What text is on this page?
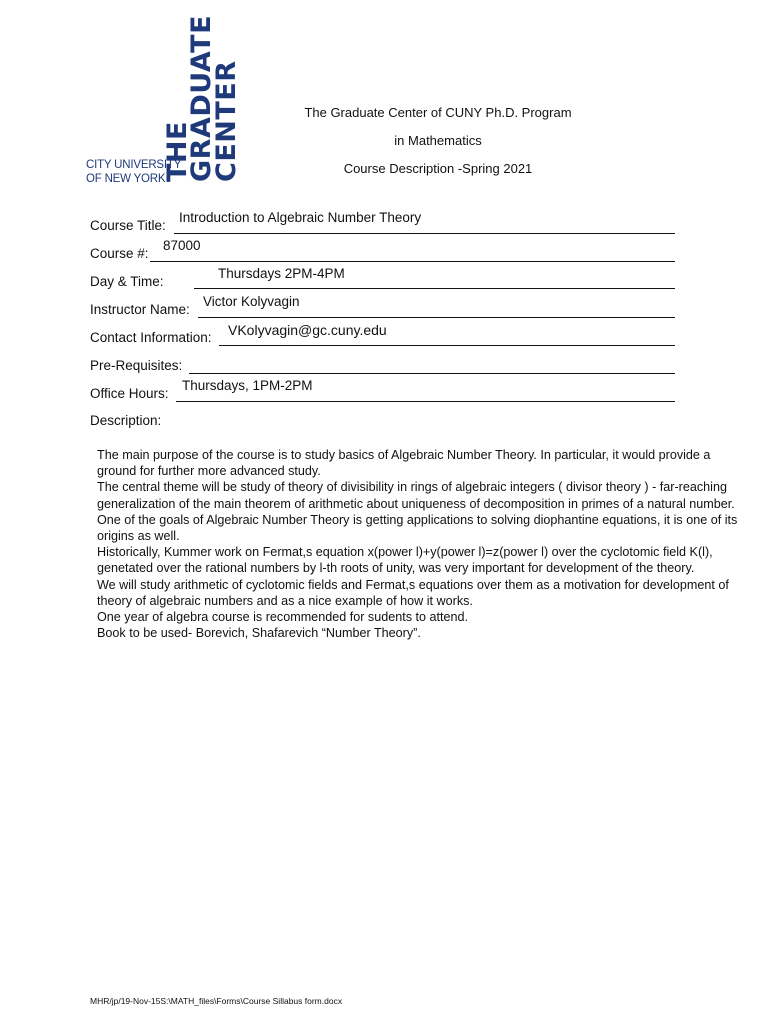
THE
GRADUATE
CENTER
CITY UNIVERSITY
OF NEW YORK
The Graduate Center of CUNY Ph.D. Program
in Mathematics
Course Description -Spring 2021
Course Title:
Introduction to Algebraic Number Theory
Course #:
87000
Day & Time:
Thursdays 2PM-4PM
Instructor Name:
Victor Kolyvagin
Contact Information: VKolyvagin@gc.cuny.edu
Pre-Requisites:
Office Hours:
Thursdays, 1PM-2PM
Description:

The main purpose of the course is to study basics of Algebraic Number Theory. In particular, it would provide a ground for further more advanced study.

The central theme will be study of theory of divisibility in rings of algebraic integers ( divisor theory ) - far-reaching generalization of the main theorem of arithmetic about uniqueness of decomposition in primes of a natural number.

One of the goals of Algebraic Number Theory is getting applications to solving diophantine equations, it is one of its origins as well.

Historically, Kummer work on Fermat,s equation x(power l)+y(power l)=z(power l) over the cyclotomic field K(l), genetated over the rational numbers by l-th roots of unity, was very important for development of the theory.

We will study arithmetic of cyclotomic fields and Fermat,s equations over them as a motivation for development of theory of algebraic numbers and as a nice example of how it works.

One year of algebra course is recommended for sudents to attend.

Book to be used- Borevich, Shafarevich “Number Theory”.

MHR/jp/19-Nov-15S:\MATH_files\Forms\Course Sillabus form.docx
